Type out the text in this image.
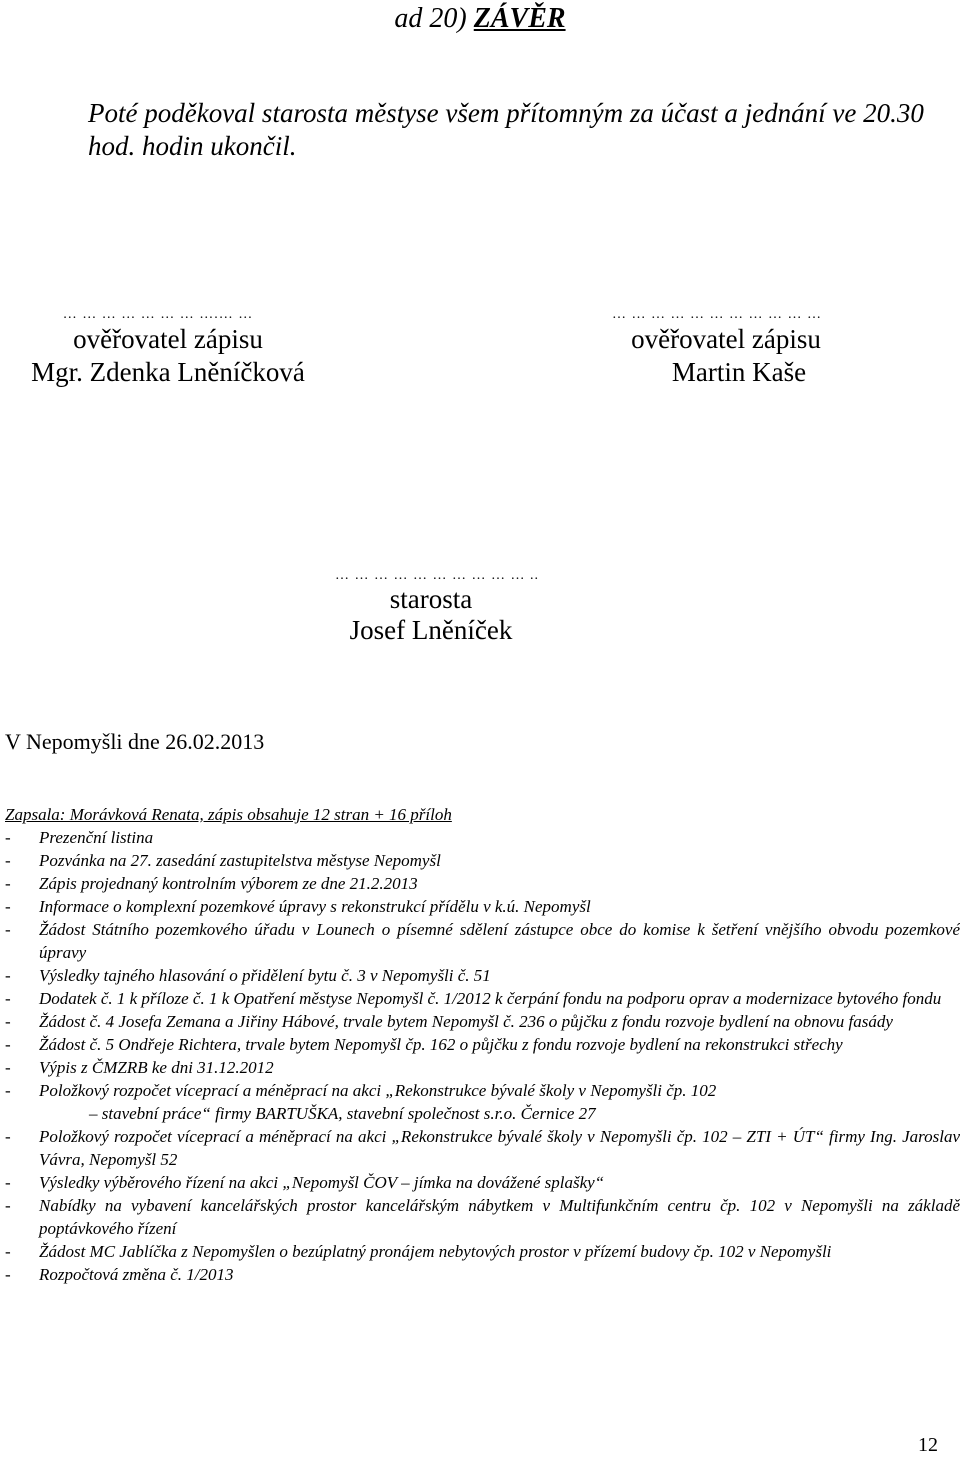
ad 20) ZÁVĚR
Poté poděkoval starosta městyse všem přítomným za účast a jednání ve 20.30 hod. hodin ukončil.
… … … … … … … ….… …
ověřovatel zápisu
Mgr. Zdenka Lněníčková
… … … … … … … … … … …
ověřovatel zápisu
Martin Kaše
… … … … … … … … … … ..
starosta
Josef Lněníček
V Nepomyšli dne 26.02.2013
Zapsala: Morávková Renata, zápis obsahuje 12 stran + 16 příloh
-	Prezenční listina
-	Pozvánka na 27. zasedání zastupitelstva městyse Nepomyšl
-	Zápis projednaný kontrolním výborem ze dne 21.2.2013
-	Informace o komplexní pozemkové úpravy s rekonstrukcí přídělu v k.ú. Nepomyšl
-	Žádost Státního pozemkového úřadu v Lounech o písemné sdělení zástupce obce do komise k šetření vnějšího obvodu pozemkové úpravy
-	Výsledky tajného hlasování o přidělení bytu č. 3 v Nepomyšli č. 51
-	Dodatek č. 1 k příloze č. 1 k Opatření městyse Nepomyšl č. 1/2012 k čerpání fondu na podporu oprav a modernizace bytového fondu
-	Žádost č. 4 Josefa Zemana a Jiřiny Hábové, trvale bytem Nepomyšl č. 236 o půjčku z fondu rozvoje bydlení na obnovu fasády
-	Žádost č. 5 Ondřeje Richtera, trvale bytem Nepomyšl čp. 162 o půjčku z fondu rozvoje bydlení na rekonstrukci střechy
-	Výpis z ČMZRB ke dni 31.12.2012
-	Položkový rozpočet víceprací a méněprací na akci „Rekonstrukce bývalé školy v Nepomyšli čp. 102
– stavební práce“ firmy BARTUŠKA, stavební společnost s.r.o. Černice 27
-	Položkový rozpočet víceprací a méněprací na akci „Rekonstrukce bývalé školy v Nepomyšli čp. 102 – ZTI + ÚT“ firmy Ing. Jaroslav Vávra, Nepomyšl 52
-	Výsledky výběrového řízení na akci „Nepomyšl ČOV – jímka na dovážené splašky“
-	Nabídky na vybavení kancelářských prostor kancelářským nábytkem v Multifunkčním centru čp. 102 v Nepomyšli na základě poptávkového řízení
-	Žádost MC Jablíčka z Nepomyšlen o bezúplatný pronájem nebytových prostor v přízemí budovy čp. 102 v Nepomyšli
-	Rozpočtová změna č. 1/2013
12
